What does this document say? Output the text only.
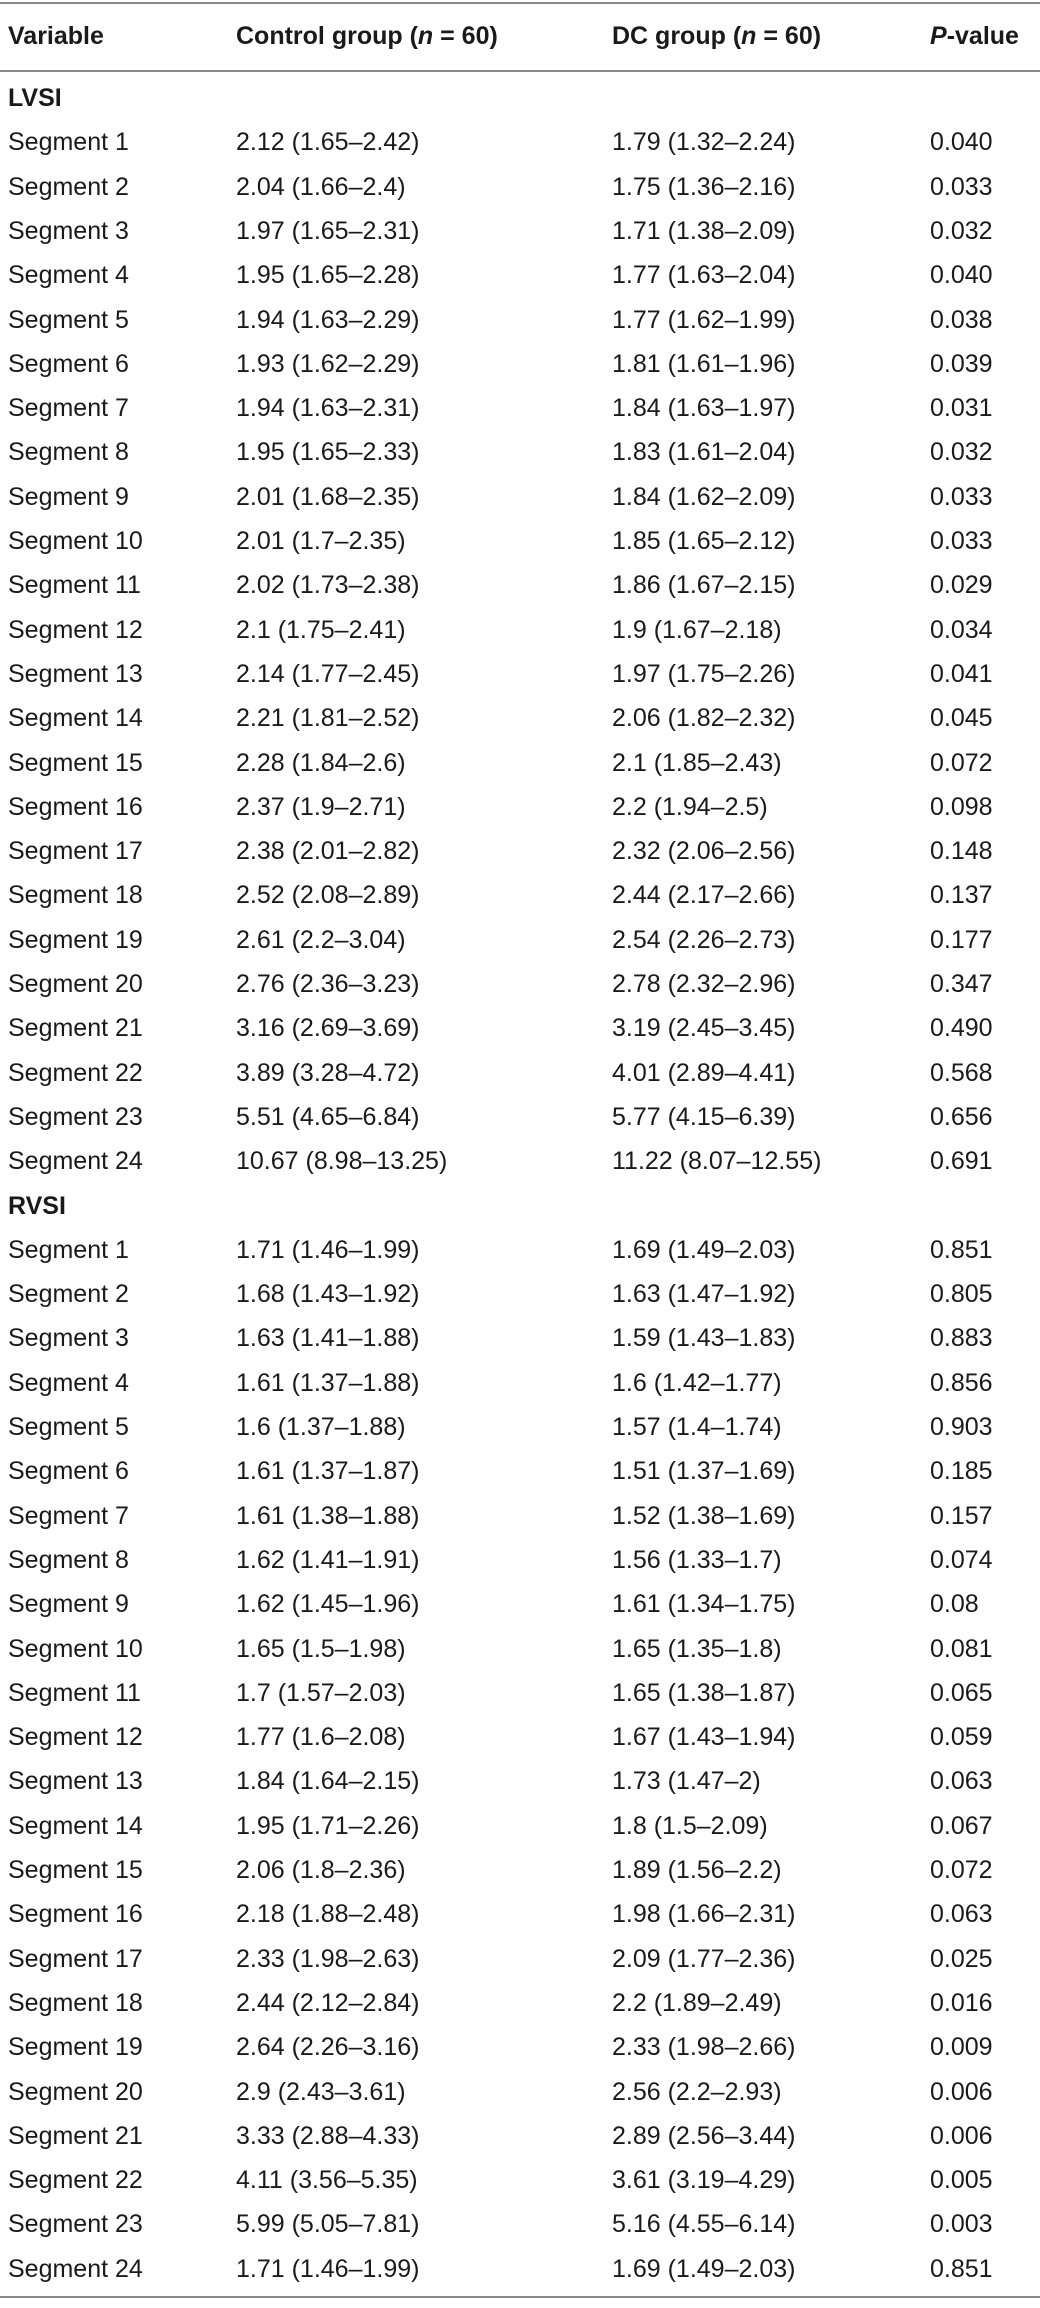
Variable	Control group (n = 60)	DC group (n = 60)	P-value
LVSI
Segment 1	2.12 (1.65–2.42)	1.79 (1.32–2.24)	0.040
Segment 2	2.04 (1.66–2.4)	1.75 (1.36–2.16)	0.033
Segment 3	1.97 (1.65–2.31)	1.71 (1.38–2.09)	0.032
Segment 4	1.95 (1.65–2.28)	1.77 (1.63–2.04)	0.040
Segment 5	1.94 (1.63–2.29)	1.77 (1.62–1.99)	0.038
Segment 6	1.93 (1.62–2.29)	1.81 (1.61–1.96)	0.039
Segment 7	1.94 (1.63–2.31)	1.84 (1.63–1.97)	0.031
Segment 8	1.95 (1.65–2.33)	1.83 (1.61–2.04)	0.032
Segment 9	2.01 (1.68–2.35)	1.84 (1.62–2.09)	0.033
Segment 10	2.01 (1.7–2.35)	1.85 (1.65–2.12)	0.033
Segment 11	2.02 (1.73–2.38)	1.86 (1.67–2.15)	0.029
Segment 12	2.1 (1.75–2.41)	1.9 (1.67–2.18)	0.034
Segment 13	2.14 (1.77–2.45)	1.97 (1.75–2.26)	0.041
Segment 14	2.21 (1.81–2.52)	2.06 (1.82–2.32)	0.045
Segment 15	2.28 (1.84–2.6)	2.1 (1.85–2.43)	0.072
Segment 16	2.37 (1.9–2.71)	2.2 (1.94–2.5)	0.098
Segment 17	2.38 (2.01–2.82)	2.32 (2.06–2.56)	0.148
Segment 18	2.52 (2.08–2.89)	2.44 (2.17–2.66)	0.137
Segment 19	2.61 (2.2–3.04)	2.54 (2.26–2.73)	0.177
Segment 20	2.76 (2.36–3.23)	2.78 (2.32–2.96)	0.347
Segment 21	3.16 (2.69–3.69)	3.19 (2.45–3.45)	0.490
Segment 22	3.89 (3.28–4.72)	4.01 (2.89–4.41)	0.568
Segment 23	5.51 (4.65–6.84)	5.77 (4.15–6.39)	0.656
Segment 24	10.67 (8.98–13.25)	11.22 (8.07–12.55)	0.691
RVSI
Segment 1	1.71 (1.46–1.99)	1.69 (1.49–2.03)	0.851
Segment 2	1.68 (1.43–1.92)	1.63 (1.47–1.92)	0.805
Segment 3	1.63 (1.41–1.88)	1.59 (1.43–1.83)	0.883
Segment 4	1.61 (1.37–1.88)	1.6 (1.42–1.77)	0.856
Segment 5	1.6 (1.37–1.88)	1.57 (1.4–1.74)	0.903
Segment 6	1.61 (1.37–1.87)	1.51 (1.37–1.69)	0.185
Segment 7	1.61 (1.38–1.88)	1.52 (1.38–1.69)	0.157
Segment 8	1.62 (1.41–1.91)	1.56 (1.33–1.7)	0.074
Segment 9	1.62 (1.45–1.96)	1.61 (1.34–1.75)	0.08
Segment 10	1.65 (1.5–1.98)	1.65 (1.35–1.8)	0.081
Segment 11	1.7 (1.57–2.03)	1.65 (1.38–1.87)	0.065
Segment 12	1.77 (1.6–2.08)	1.67 (1.43–1.94)	0.059
Segment 13	1.84 (1.64–2.15)	1.73 (1.47–2)	0.063
Segment 14	1.95 (1.71–2.26)	1.8 (1.5–2.09)	0.067
Segment 15	2.06 (1.8–2.36)	1.89 (1.56–2.2)	0.072
Segment 16	2.18 (1.88–2.48)	1.98 (1.66–2.31)	0.063
Segment 17	2.33 (1.98–2.63)	2.09 (1.77–2.36)	0.025
Segment 18	2.44 (2.12–2.84)	2.2 (1.89–2.49)	0.016
Segment 19	2.64 (2.26–3.16)	2.33 (1.98–2.66)	0.009
Segment 20	2.9 (2.43–3.61)	2.56 (2.2–2.93)	0.006
Segment 21	3.33 (2.88–4.33)	2.89 (2.56–3.44)	0.006
Segment 22	4.11 (3.56–5.35)	3.61 (3.19–4.29)	0.005
Segment 23	5.99 (5.05–7.81)	5.16 (4.55–6.14)	0.003
Segment 24	1.71 (1.46–1.99)	1.69 (1.49–2.03)	0.851
